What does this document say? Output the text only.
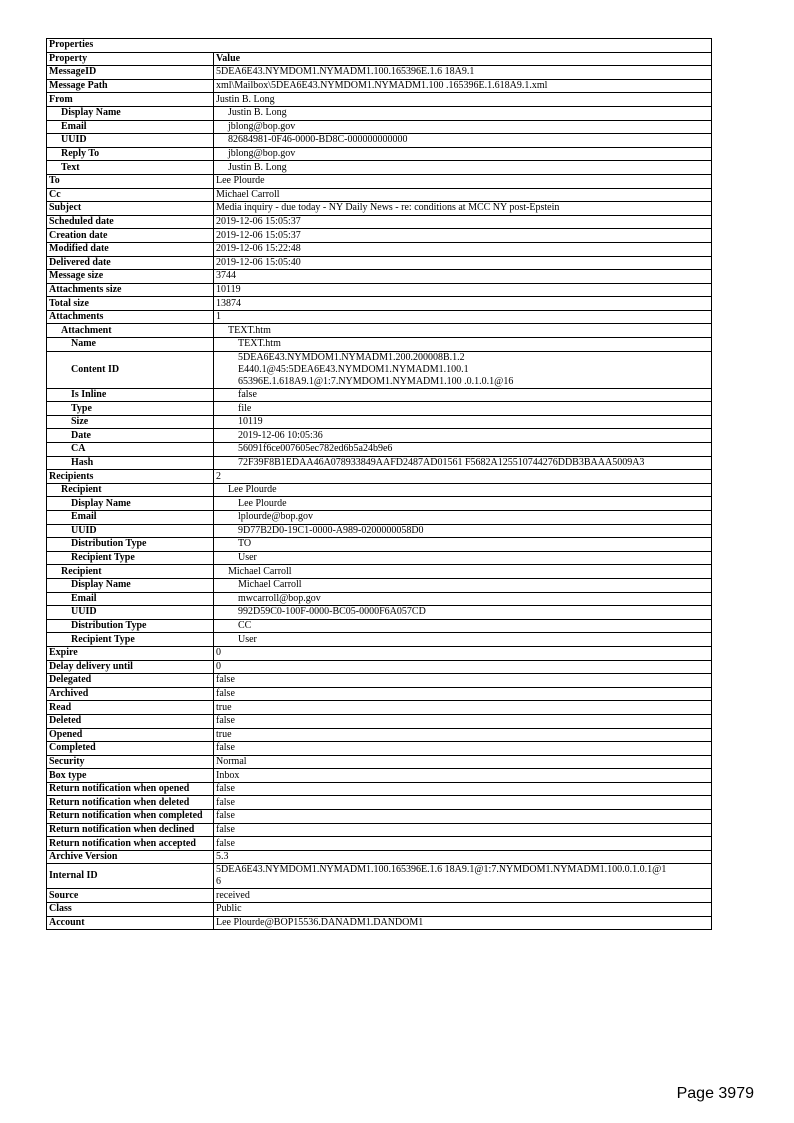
Properties	
Property	Value
MessageID	5DEA6E43.NYMDOM1.NYMADM1.100.165396E.1.6 18A9.1
Message Path	xml\Mailbox\5DEA6E43.NYMDOM1.NYMADM1.100 .165396E.1.618A9.1.xml
From	Justin B. Long
Display Name	Justin B. Long
Email	jblong@bop.gov
UUID	82684981-0F46-0000-BD8C-000000000000
Reply To	jblong@bop.gov
Text	Justin B. Long
To	Lee Plourde
Cc	Michael Carroll
Subject	Media inquiry - due today - NY Daily News - re: conditions at MCC NY post-Epstein
Scheduled date	2019-12-06 15:05:37
Creation date	2019-12-06 15:05:37
Modified date	2019-12-06 15:22:48
Delivered date	2019-12-06 15:05:40
Message size	3744
Attachments size	10119
Total size	13874
Attachments	1
Attachment	TEXT.htm
Name	TEXT.htm
Content ID	5DEA6E43.NYMDOM1.NYMADM1.200.200008B.1.2
E440.1@45:5DEA6E43.NYMDOM1.NYMADM1.100.1
65396E.1.618A9.1@1:7.NYMDOM1.NYMADM1.100 .0.1.0.1@16
Is Inline	false
Type	file
Size	10119
Date	2019-12-06 10:05:36
CA	56091f6ce007605ec782ed6b5a24b9e6
Hash	72F39F8B1EDAA46A078933849AAFD2487AD01561 F5682A125510744276DDB3BAAA5009A3
Recipients	2
Recipient	Lee Plourde
Display Name	Lee Plourde
Email	lplourde@bop.gov
UUID	9D77B2D0-19C1-0000-A989-0200000058D0
Distribution Type	TO
Recipient Type	User
Recipient	Michael Carroll
Display Name	Michael Carroll
Email	mwcarroll@bop.gov
UUID	992D59C0-100F-0000-BC05-0000F6A057CD
Distribution Type	CC
Recipient Type	User
Expire	0
Delay delivery until	0
Delegated	false
Archived	false
Read	true
Deleted	false
Opened	true
Completed	false
Security	Normal
Box type	Inbox
Return notification when opened	false
Return notification when deleted	false
Return notification when completed	false
Return notification when declined	false
Return notification when accepted	false
Archive Version	5.3
Internal ID	5DEA6E43.NYMDOM1.NYMADM1.100.165396E.1.6 18A9.1@1:7.NYMDOM1.NYMADM1.100.0.1.0.1@1
6
Source	received
Class	Public
Account	Lee Plourde@BOP15536.DANADM1.DANDOM1
Page 3979
